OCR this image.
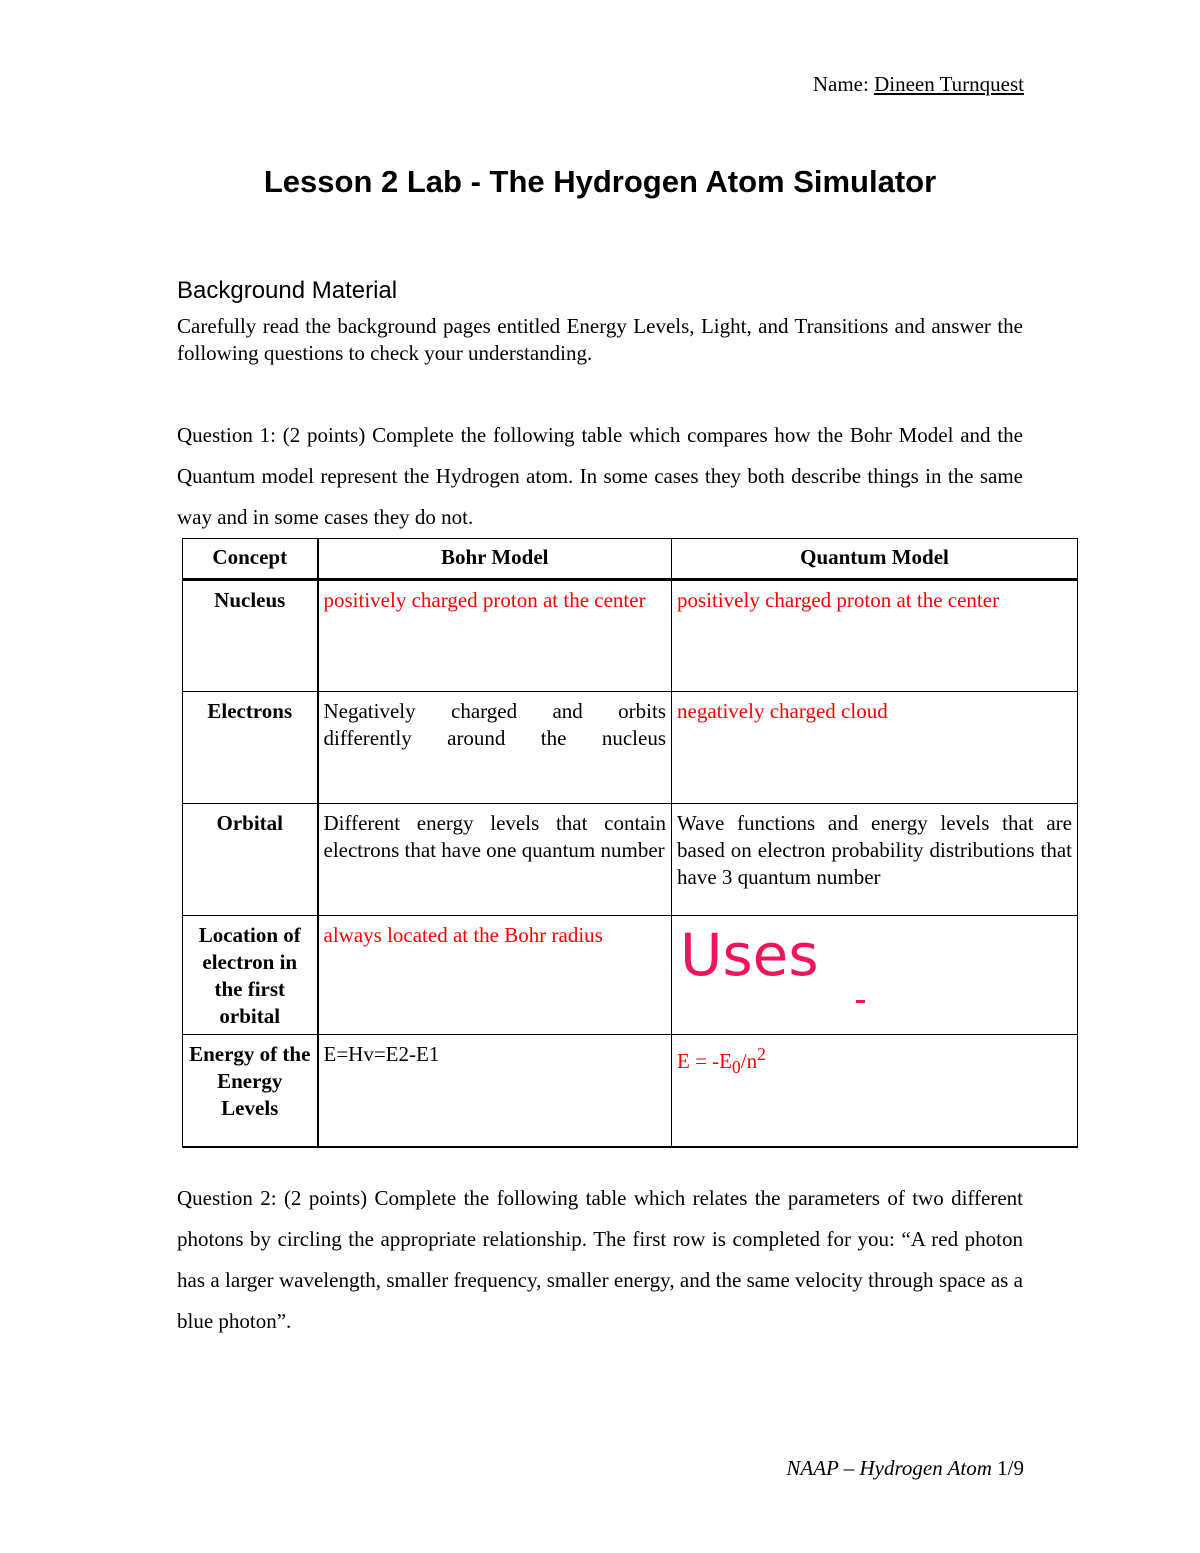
Name: Dineen Turnquest
Lesson 2 Lab - The Hydrogen Atom Simulator
Background Material
Carefully read the background pages entitled Energy Levels, Light, and Transitions and answer the following questions to check your understanding.
Question 1: (2 points) Complete the following table which compares how the Bohr Model and the Quantum model represent the Hydrogen atom. In some cases they both describe things in the same way and in some cases they do not.
Concept	Bohr Model	Quantum Model
Nucleus	positively charged proton at the center	positively charged proton at the center
Electrons	Negatively charged and orbits differently around the nucleus	negatively charged cloud
Orbital	Different energy levels that contain electrons that have one quantum number	Wave functions and energy levels that are based on electron probability distributions that have 3 quantum number
Location of electron in the first orbital	always located at the Bohr radius	Uses

Energy of the Energy Levels	E=Hv=E2-E1	$E = -E_0/n^2$
Question 2: (2 points) Complete the following table which relates the parameters of two different photons by circling the appropriate relationship. The first row is completed for you: “A red photon has a larger wavelength, smaller frequency, smaller energy, and the same velocity through space as a blue photon”.
NAAP – Hydrogen Atom 1/9
